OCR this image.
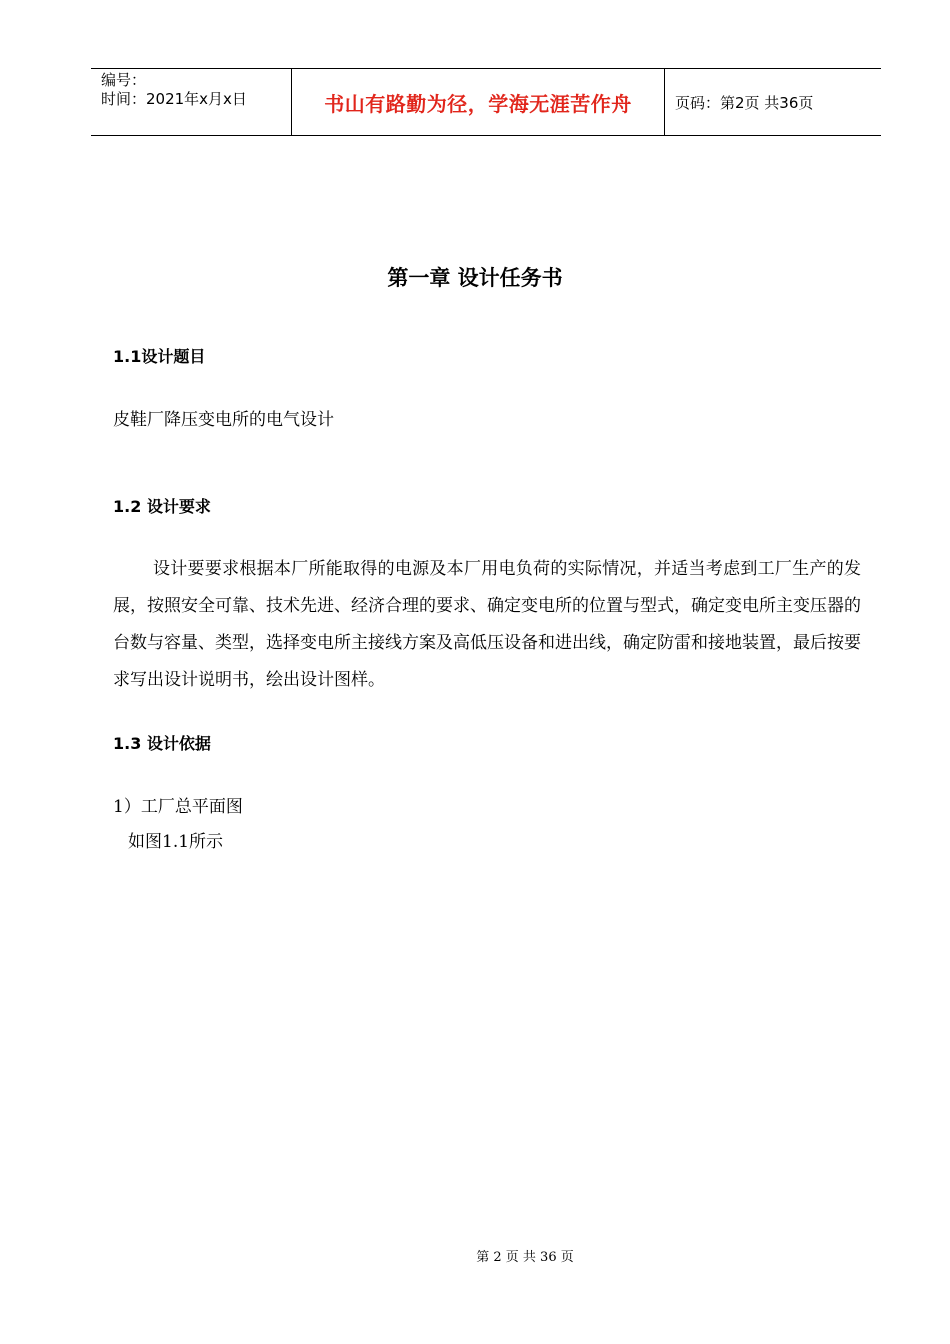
编号：
时间：2021年x月x日	书山有路勤为径，学海无涯苦作舟	页码：第2页 共36页
第一章 设计任务书
1.1设计题目
皮鞋厂降压变电所的电气设计
1.2 设计要求
设计要要求根据本厂所能取得的电源及本厂用电负荷的实际情况，并适当考虑到工厂生产的发展，按照安全可靠、技术先进、经济合理的要求、确定变电所的位置与型式，确定变电所主变压器的台数与容量、类型，选择变电所主接线方案及高低压设备和进出线，确定防雷和接地装置，最后按要求写出设计说明书，绘出设计图样。
1.3 设计依据
1）工厂总平面图
如图1.1所示
第 2 页 共 36 页
